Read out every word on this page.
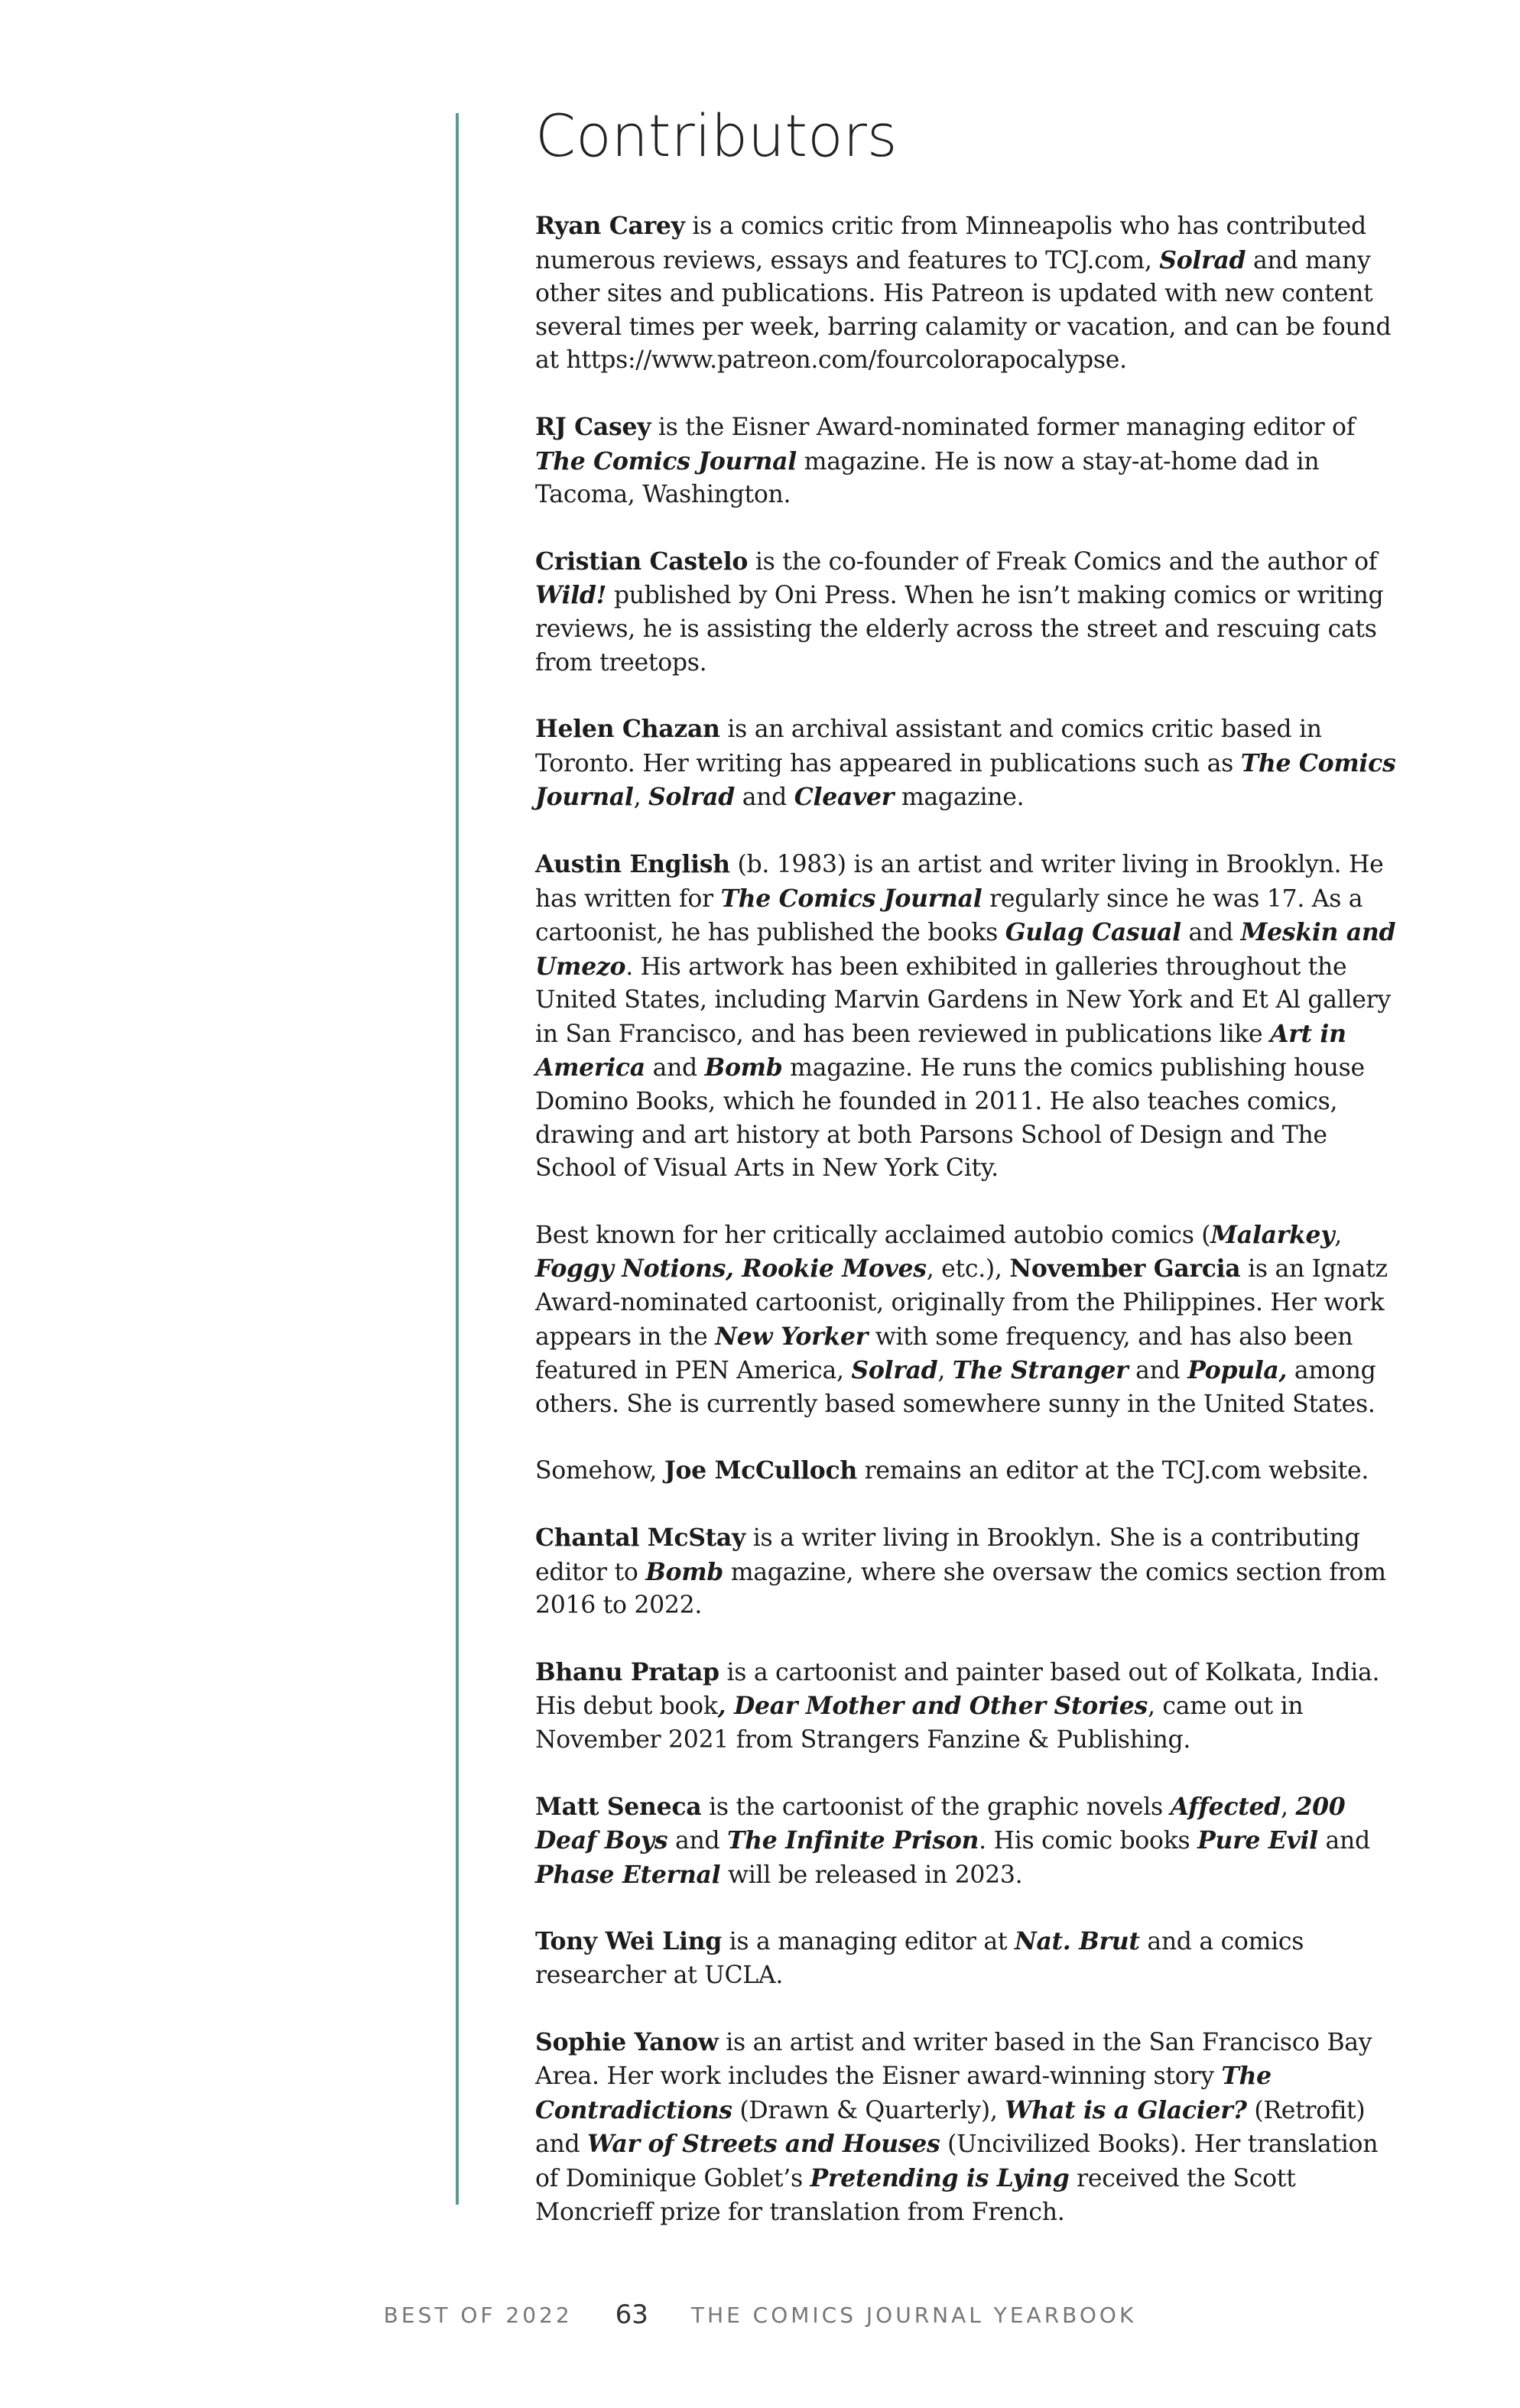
Contributors

Ryan Carey is a comics critic from Minneapolis who has contributed numerous reviews, essays and features to TCJ.com, Solrad and many other sites and publications. His Patreon is updated with new content several times per week, barring calamity or vacation, and can be found at https://www.patreon.com/fourcolorapocalypse.

RJ Casey is the Eisner Award-nominated former managing editor of The Comics Journal magazine. He is now a stay-at-home dad in Tacoma, Washington.

Cristian Castelo is the co-founder of Freak Comics and the author of Wild! published by Oni Press. When he isn’t making comics or writing reviews, he is assisting the elderly across the street and rescuing cats from treetops.

Helen Chazan is an archival assistant and comics critic based in Toronto. Her writing has appeared in publications such as The Comics Journal, Solrad and Cleaver magazine.

Austin English (b. 1983) is an artist and writer living in Brooklyn. He has written for The Comics Journal regularly since he was 17. As a cartoonist, he has published the books Gulag Casual and Meskin and Umezo. His artwork has been exhibited in galleries throughout the United States, including Marvin Gardens in New York and Et Al gallery in San Francisco, and has been reviewed in publications like Art in America and Bomb magazine. He runs the comics publishing house Domino Books, which he founded in 2011. He also teaches comics, drawing and art history at both Parsons School of Design and The School of Visual Arts in New York City.

Best known for her critically acclaimed autobio comics (Malarkey, Foggy Notions, Rookie Moves, etc.), November Garcia is an Ignatz Award-nominated cartoonist, originally from the Philippines. Her work appears in the New Yorker with some frequency, and has also been featured in PEN America, Solrad, The Stranger and Popula, among others. She is currently based somewhere sunny in the United States.

Somehow, Joe McCulloch remains an editor at the TCJ.com website.

Chantal McStay is a writer living in Brooklyn. She is a contributing editor to Bomb magazine, where she oversaw the comics section from 2016 to 2022.

Bhanu Pratap is a cartoonist and painter based out of Kolkata, India. His debut book, Dear Mother and Other Stories, came out in November 2021 from Strangers Fanzine & Publishing.

Matt Seneca is the cartoonist of the graphic novels Affected, 200 Deaf Boys and The Infinite Prison. His comic books Pure Evil and Phase Eternal will be released in 2023.

Tony Wei Ling is a managing editor at Nat. Brut and a comics researcher at UCLA.

Sophie Yanow is an artist and writer based in the San Francisco Bay Area. Her work includes the Eisner award-winning story The Contradictions (Drawn & Quarterly), What is a Glacier? (Retrofit) and War of Streets and Houses (Uncivilized Books). Her translation of Dominique Goblet’s Pretending is Lying received the Scott Moncrieff prize for translation from French.

BEST OF 2022 63 THE COMICS JOURNAL YEARBOOK
